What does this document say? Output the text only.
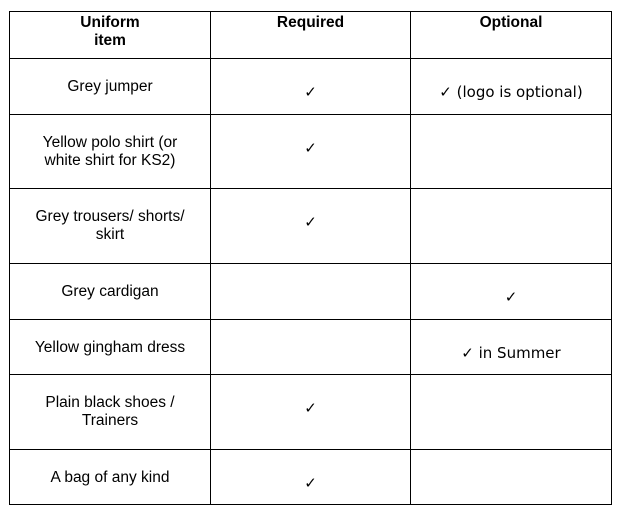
Uniform
item	Required	Optional

Grey jumper	✓	✓ (logo is optional)

Yellow polo shirt (or
white shirt for KS2)	✓	

Grey trousers/ shorts/
skirt	✓	

Grey cardigan		✓

Yellow gingham dress		✓ in Summer

Plain black shoes /
Trainers	✓	

A bag of any kind	✓	
